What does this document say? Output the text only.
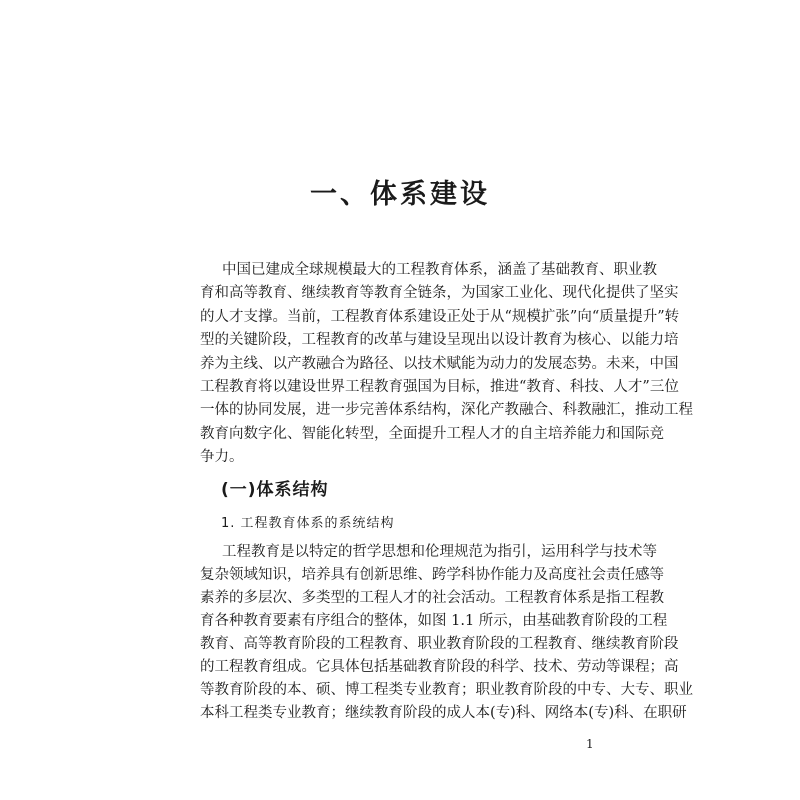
一、体系建设
中国已建成全球规模最大的工程教育体系，涵盖了基础教育、职业教
育和高等教育、继续教育等教育全链条，为国家工业化、现代化提供了坚实
的人才支撑。当前，工程教育体系建设正处于从“规模扩张”向“质量提升”转
型的关键阶段，工程教育的改革与建设呈现出以设计教育为核心、以能力培
养为主线、以产教融合为路径、以技术赋能为动力的发展态势。未来，中国
工程教育将以建设世界工程教育强国为目标，推进“教育、科技、人才”三位
一体的协同发展，进一步完善体系结构，深化产教融合、科教融汇，推动工程
教育向数字化、智能化转型，全面提升工程人才的自主培养能力和国际竞
争力。
(一)体系结构
1. 工程教育体系的系统结构
工程教育是以特定的哲学思想和伦理规范为指引，运用科学与技术等
复杂领域知识，培养具有创新思维、跨学科协作能力及高度社会责任感等
素养的多层次、多类型的工程人才的社会活动。工程教育体系是指工程教
育各种教育要素有序组合的整体，如图 1.1 所示，由基础教育阶段的工程
教育、高等教育阶段的工程教育、职业教育阶段的工程教育、继续教育阶段
的工程教育组成。它具体包括基础教育阶段的科学、技术、劳动等课程；高
等教育阶段的本、硕、博工程类专业教育；职业教育阶段的中专、大专、职业
本科工程类专业教育；继续教育阶段的成人本(专)科、网络本(专)科、在职研
1
